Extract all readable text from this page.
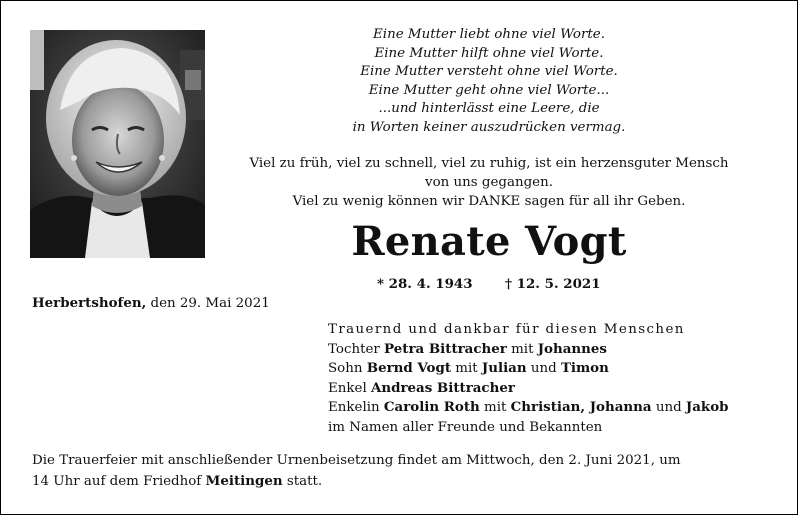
Eine Mutter liebt ohne viel Worte.
Eine Mutter hilft ohne viel Worte.
Eine Mutter versteht ohne viel Worte.
Eine Mutter geht ohne viel Worte...
...und hinterlässt eine Leere, die
in Worten keiner auszudrücken vermag.
Viel zu früh, viel zu schnell, viel zu ruhig, ist ein herzensguter Mensch
von uns gegangen.
Viel zu wenig können wir DANKE sagen für all ihr Geben.
Renate Vogt
* 28. 4. 1943 † 12. 5. 2021
Herbertshofen, den 29. Mai 2021
Trauernd und dankbar für diesen Menschen
Tochter Petra Bittracher mit Johannes
Sohn Bernd Vogt mit Julian und Timon
Enkel Andreas Bittracher
Enkelin Carolin Roth mit Christian, Johanna und Jakob
im Namen aller Freunde und Bekannten
Die Trauerfeier mit anschließender Urnenbeisetzung findet am Mittwoch, den 2. Juni 2021, um
14 Uhr auf dem Friedhof Meitingen statt.
